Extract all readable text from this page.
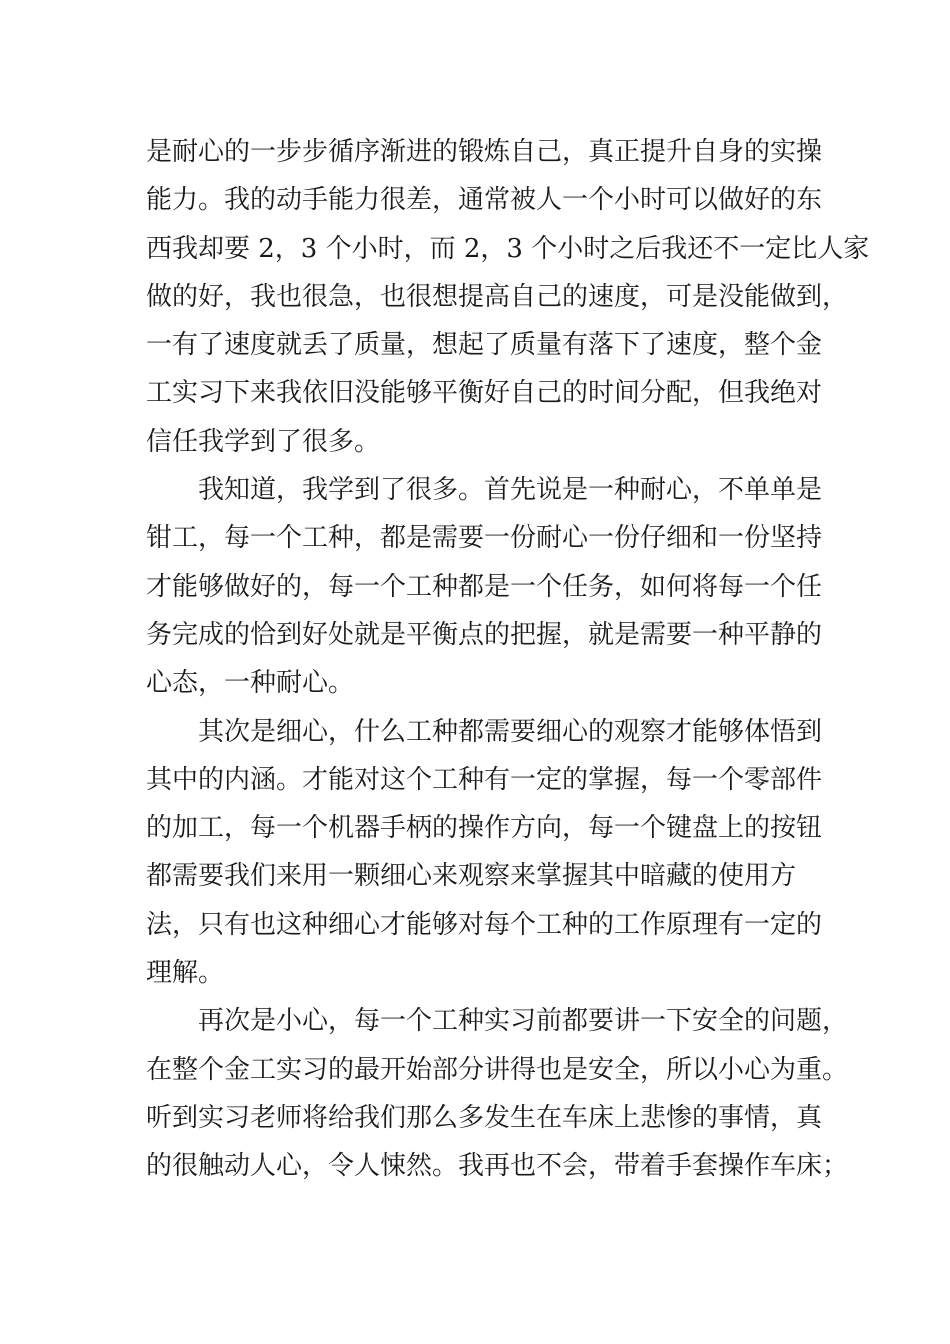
是耐心的一步步循序渐进的锻炼自己，真正提升自身的实操
能力。我的动手能力很差，通常被人一个小时可以做好的东
西我却要 2，3 个小时，而 2，3 个小时之后我还不一定比人家
做的好，我也很急，也很想提高自己的速度，可是没能做到，
一有了速度就丢了质量，想起了质量有落下了速度，整个金
工实习下来我依旧没能够平衡好自己的时间分配，但我绝对
信任我学到了很多。

我知道，我学到了很多。首先说是一种耐心，不单单是
钳工，每一个工种，都是需要一份耐心一份仔细和一份坚持
才能够做好的，每一个工种都是一个任务，如何将每一个任
务完成的恰到好处就是平衡点的把握，就是需要一种平静的
心态，一种耐心。

其次是细心，什么工种都需要细心的观察才能够体悟到
其中的内涵。才能对这个工种有一定的掌握，每一个零部件
的加工，每一个机器手柄的操作方向，每一个键盘上的按钮
都需要我们来用一颗细心来观察来掌握其中暗藏的使用方
法，只有也这种细心才能够对每个工种的工作原理有一定的
理解。

再次是小心，每一个工种实习前都要讲一下安全的问题，
在整个金工实习的最开始部分讲得也是安全，所以小心为重。
听到实习老师将给我们那么多发生在车床上悲惨的事情，真
的很触动人心，令人悚然。我再也不会，带着手套操作车床；
